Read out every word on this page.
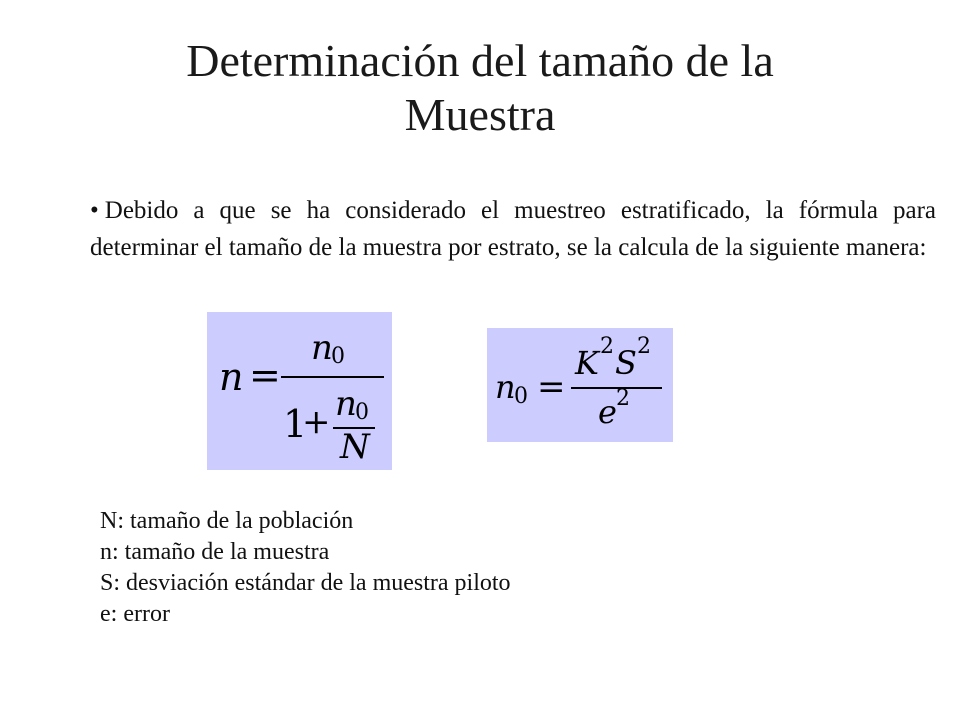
Determinación del tamaño de la
Muestra
• Debido a que se ha considerado el muestreo estratificado, la fórmula para determinar el tamaño de la muestra por estrato, se la calcula de la siguiente manera:
n =
n
0
1
+ n
0
N
n
0 =
K 2 S 2
e 2
N: tamaño de la población
n: tamaño de la muestra
S: desviación estándar de la muestra piloto
e: error
